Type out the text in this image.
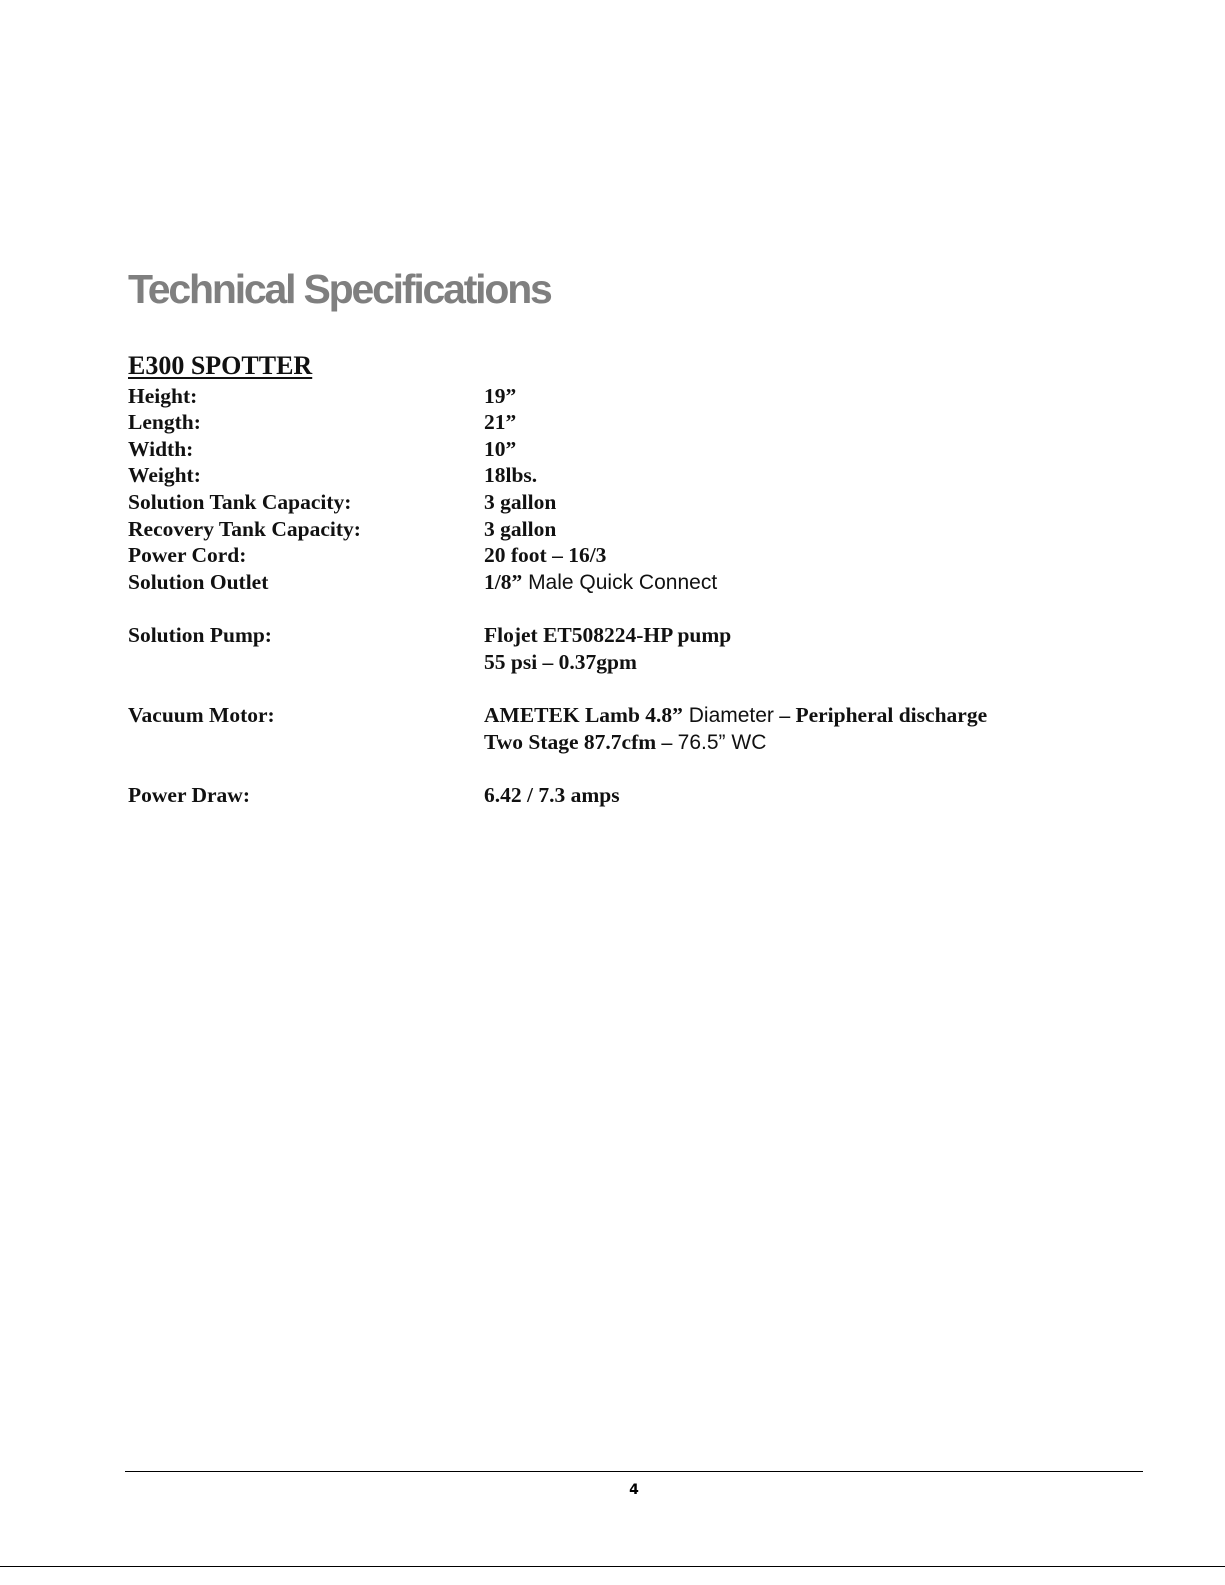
Technical Specifications
E300 SPOTTER
Height:	19”
Length:	21”
Width:	10”
Weight:	18lbs.
Solution Tank Capacity:	3 gallon
Recovery Tank Capacity:	3 gallon
Power Cord:	20 foot – 16/3
Solution Outlet	1/8” Male Quick Connect
Solution Pump:	Flojet ET508224-HP pump
55 psi – 0.37gpm
Vacuum Motor:	AMETEK Lamb 4.8” Diameter – Peripheral discharge
Two Stage 87.7cfm – 76.5” WC
Power Draw:	6.42 / 7.3 amps
4
